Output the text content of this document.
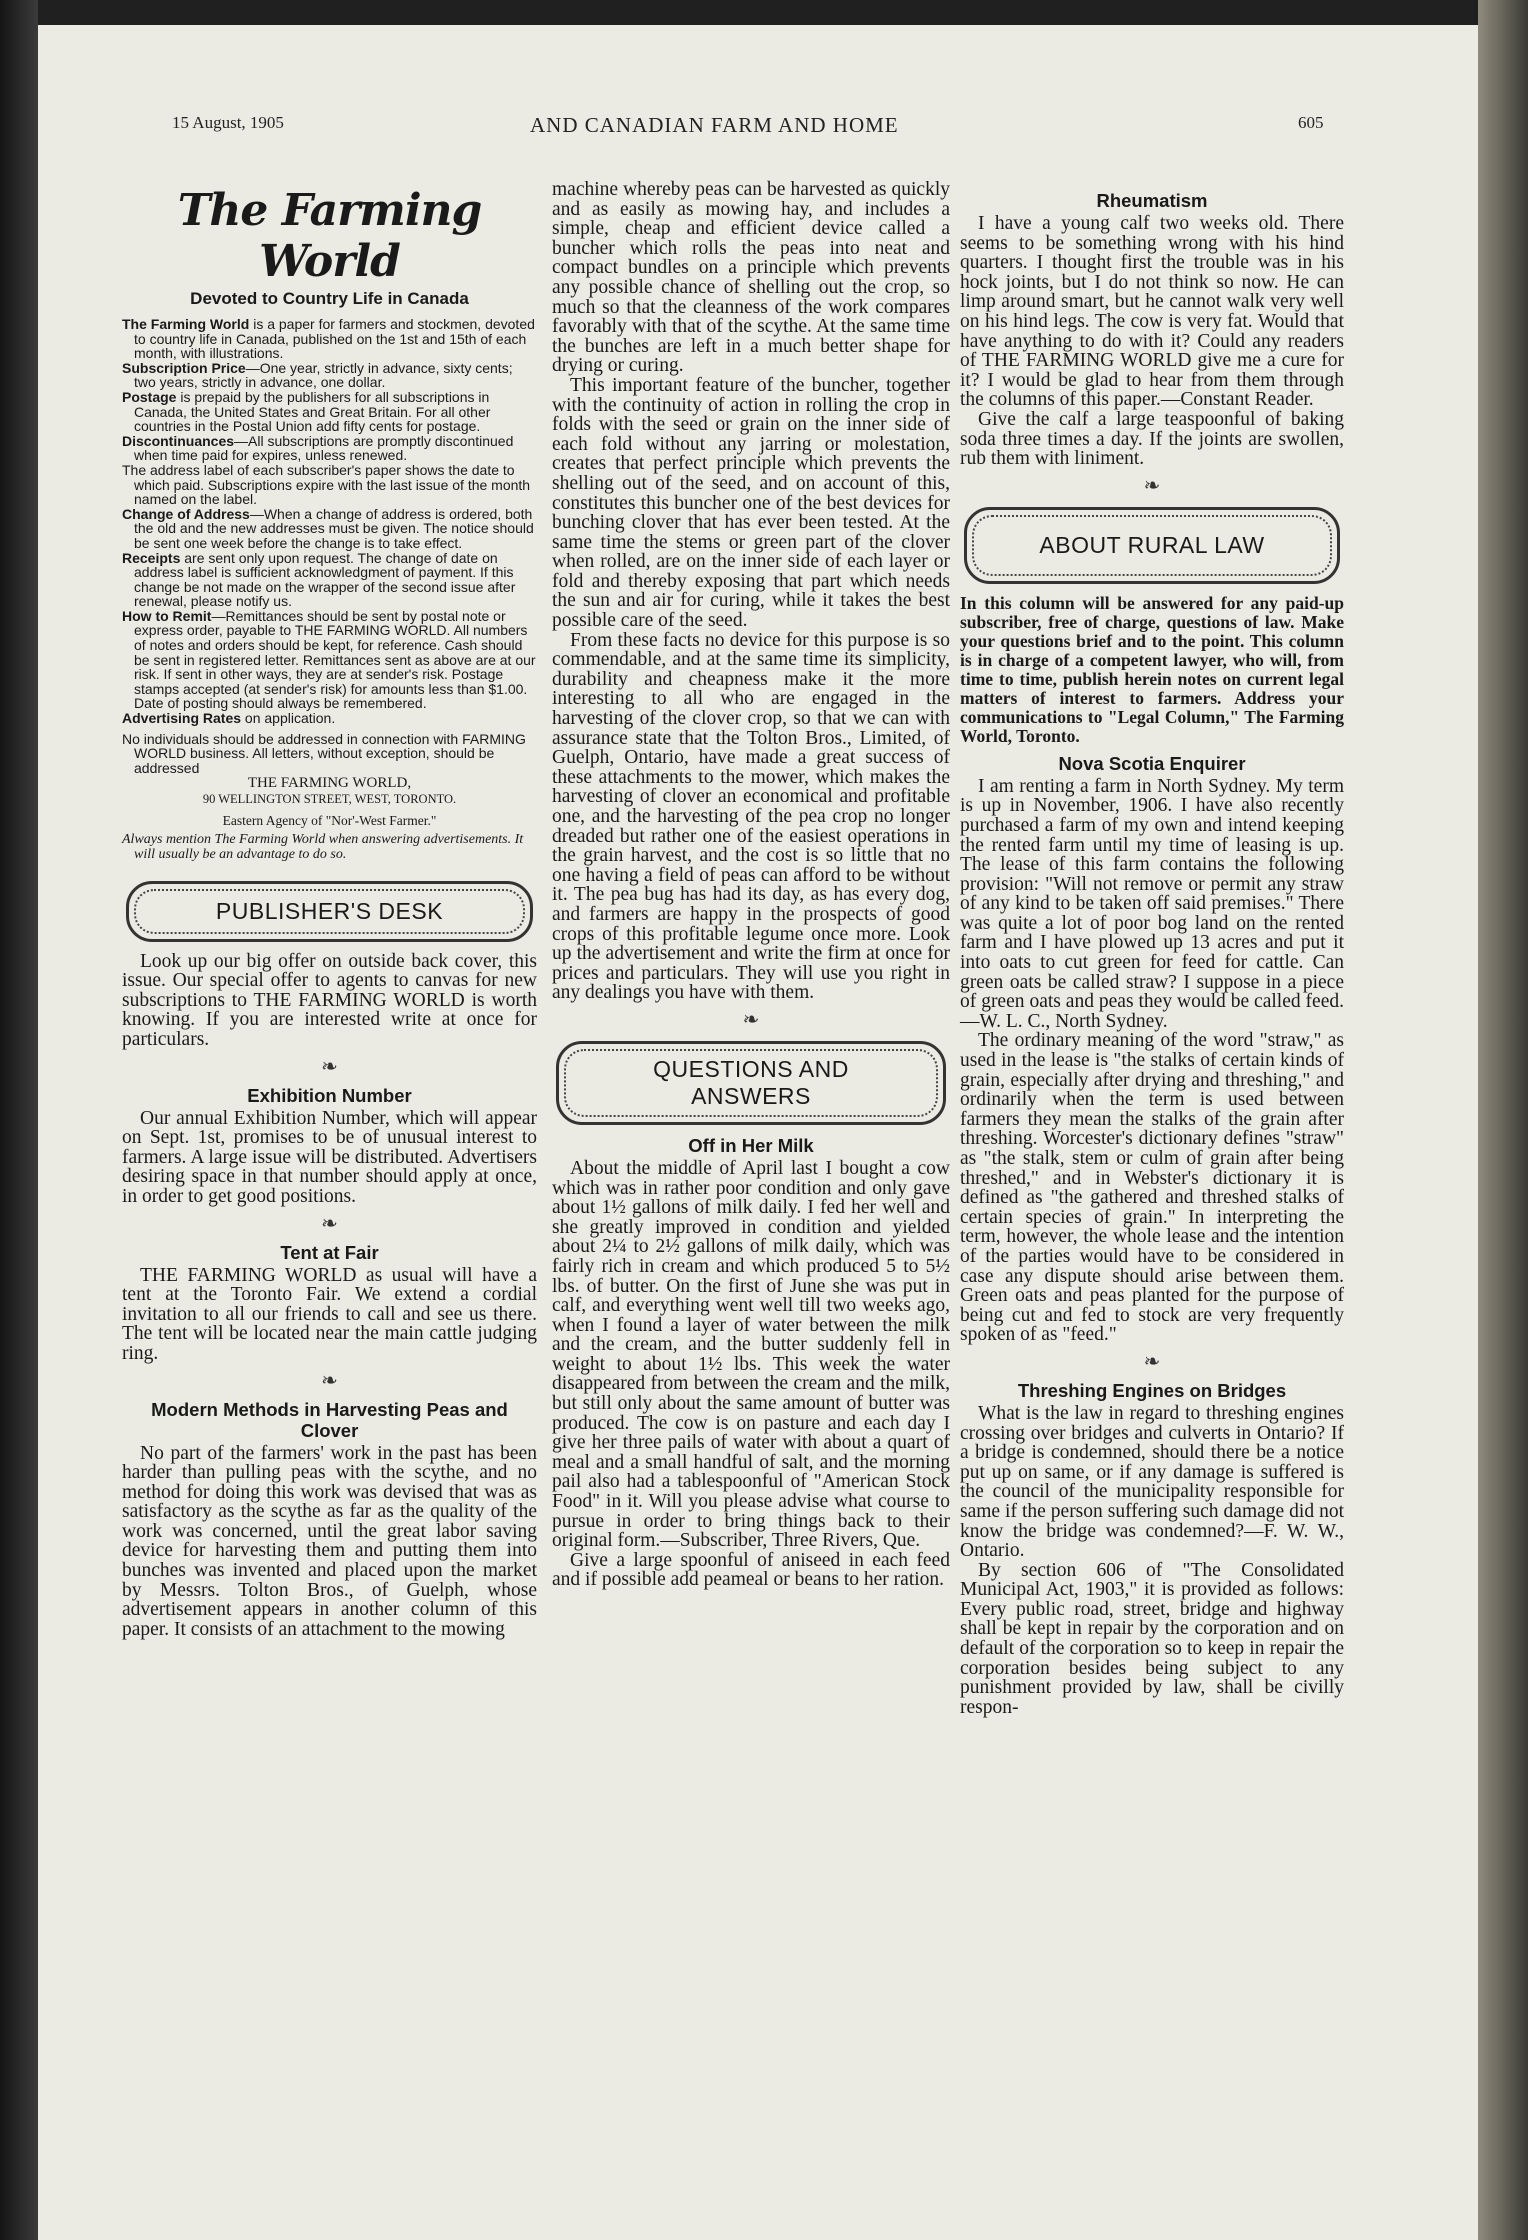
15 August, 1905	AND CANADIAN FARM AND HOME	605

The Farming World

Devoted to Country Life in Canada

The Farming World is a paper for farmers and stockmen, devoted to country life in Canada, published on the 1st and 15th of each month, with illustrations.

Subscription Price—One year, strictly in advance, sixty cents; two years, strictly in advance, one dollar.

Postage is prepaid by the publishers for all subscriptions in Canada, the United States and Great Britain. For all other countries in the Postal Union add fifty cents for postage.

Discontinuances—All subscriptions are promptly discontinued when time paid for expires, unless renewed.

The address label of each subscriber's paper shows the date to which paid. Subscriptions expire with the last issue of the month named on the label.

Change of Address—When a change of address is ordered, both the old and the new addresses must be given. The notice should be sent one week before the change is to take effect.

Receipts are sent only upon request. The change of date on address label is sufficient acknowledgment of payment. If this change be not made on the wrapper of the second issue after renewal, please notify us.

How to Remit—Remittances should be sent by postal note or express order, payable to THE FARMING WORLD. All numbers of notes and orders should be kept, for reference. Cash should be sent in registered letter. Remittances sent as above are at our risk. If sent in other ways, they are at sender's risk. Postage stamps accepted (at sender's risk) for amounts less than $1.00. Date of posting should always be remembered.

Advertising Rates on application.

No individuals should be addressed in connection with FARMING WORLD business. All letters, without exception, should be addressed

THE FARMING WORLD,

90 WELLINGTON STREET, WEST, TORONTO.

Eastern Agency of "Nor'-West Farmer."

Always mention The Farming World when answering advertisements. It will usually be an advantage to do so.

PUBLISHER'S DESK

Look up our big offer on outside back cover, this issue. Our special offer to agents to canvas for new subscriptions to THE FARMING WORLD is worth knowing. If you are interested write at once for particulars.

❧

Exhibition Number

Our annual Exhibition Number, which will appear on Sept. 1st, promises to be of unusual interest to farmers. A large issue will be distributed. Advertisers desiring space in that number should apply at once, in order to get good positions.

❧

Tent at Fair

THE FARMING WORLD as usual will have a tent at the Toronto Fair. We extend a cordial invitation to all our friends to call and see us there. The tent will be located near the main cattle judging ring.

❧

Modern Methods in Harvesting Peas and Clover

No part of the farmers' work in the past has been harder than pulling peas with the scythe, and no method for doing this work was devised that was as satisfactory as the scythe as far as the quality of the work was concerned, until the great labor saving device for harvesting them and putting them into bunches was invented and placed upon the market by Messrs. Tolton Bros., of Guelph, whose advertisement appears in another column of this paper. It consists of an attachment to the mowing

machine whereby peas can be harvested as quickly and as easily as mowing hay, and includes a simple, cheap and efficient device called a buncher which rolls the peas into neat and compact bundles on a principle which prevents any possible chance of shelling out the crop, so much so that the cleanness of the work compares favorably with that of the scythe. At the same time the bunches are left in a much better shape for drying or curing.

This important feature of the buncher, together with the continuity of action in rolling the crop in folds with the seed or grain on the inner side of each fold without any jarring or molestation, creates that perfect principle which prevents the shelling out of the seed, and on account of this, constitutes this buncher one of the best devices for bunching clover that has ever been tested. At the same time the stems or green part of the clover when rolled, are on the inner side of each layer or fold and thereby exposing that part which needs the sun and air for curing, while it takes the best possible care of the seed.

From these facts no device for this purpose is so commendable, and at the same time its simplicity, durability and cheapness make it the more interesting to all who are engaged in the harvesting of the clover crop, so that we can with assurance state that the Tolton Bros., Limited, of Guelph, Ontario, have made a great success of these attachments to the mower, which makes the harvesting of clover an economical and profitable one, and the harvesting of the pea crop no longer dreaded but rather one of the easiest operations in the grain harvest, and the cost is so little that no one having a field of peas can afford to be without it. The pea bug has had its day, as has every dog, and farmers are happy in the prospects of good crops of this profitable legume once more. Look up the advertisement and write the firm at once for prices and particulars. They will use you right in any dealings you have with them.

❧

QUESTIONS AND ANSWERS

Off in Her Milk

About the middle of April last I bought a cow which was in rather poor condition and only gave about 1½ gallons of milk daily. I fed her well and she greatly improved in condition and yielded about 2¼ to 2½ gallons of milk daily, which was fairly rich in cream and which produced 5 to 5½ lbs. of butter. On the first of June she was put in calf, and everything went well till two weeks ago, when I found a layer of water between the milk and the cream, and the butter suddenly fell in weight to about 1½ lbs. This week the water disappeared from between the cream and the milk, but still only about the same amount of butter was produced. The cow is on pasture and each day I give her three pails of water with about a quart of meal and a small handful of salt, and the morning pail also had a tablespoonful of "American Stock Food" in it. Will you please advise what course to pursue in order to bring things back to their original form.—Subscriber, Three Rivers, Que.

Give a large spoonful of aniseed in each feed and if possible add peameal or beans to her ration.

Rheumatism

I have a young calf two weeks old. There seems to be something wrong with his hind quarters. I thought first the trouble was in his hock joints, but I do not think so now. He can limp around smart, but he cannot walk very well on his hind legs. The cow is very fat. Would that have anything to do with it? Could any readers of THE FARMING WORLD give me a cure for it? I would be glad to hear from them through the columns of this paper.—Constant Reader.

Give the calf a large teaspoonful of baking soda three times a day. If the joints are swollen, rub them with liniment.

❧

ABOUT RURAL LAW

In this column will be answered for any paid-up subscriber, free of charge, questions of law. Make your questions brief and to the point. This column is in charge of a competent lawyer, who will, from time to time, publish herein notes on current legal matters of interest to farmers. Address your communications to "Legal Column," The Farming World, Toronto.

Nova Scotia Enquirer

I am renting a farm in North Sydney. My term is up in November, 1906. I have also recently purchased a farm of my own and intend keeping the rented farm until my time of leasing is up. The lease of this farm contains the following provision: "Will not remove or permit any straw of any kind to be taken off said premises." There was quite a lot of poor bog land on the rented farm and I have plowed up 13 acres and put it into oats to cut green for feed for cattle. Can green oats be called straw? I suppose in a piece of green oats and peas they would be called feed.—W. L. C., North Sydney.

The ordinary meaning of the word "straw," as used in the lease is "the stalks of certain kinds of grain, especially after drying and threshing," and ordinarily when the term is used between farmers they mean the stalks of the grain after threshing. Worcester's dictionary defines "straw" as "the stalk, stem or culm of grain after being threshed," and in Webster's dictionary it is defined as "the gathered and threshed stalks of certain species of grain." In interpreting the term, however, the whole lease and the intention of the parties would have to be considered in case any dispute should arise between them. Green oats and peas planted for the purpose of being cut and fed to stock are very frequently spoken of as "feed."

❧

Threshing Engines on Bridges

What is the law in regard to threshing engines crossing over bridges and culverts in Ontario? If a bridge is condemned, should there be a notice put up on same, or if any damage is suffered is the council of the municipality responsible for same if the person suffering such damage did not know the bridge was condemned?—F. W. W., Ontario.

By section 606 of "The Consolidated Municipal Act, 1903," it is provided as follows: Every public road, street, bridge and highway shall be kept in repair by the corporation and on default of the corporation so to keep in repair the corporation besides being subject to any punishment provided by law, shall be civilly respon-
